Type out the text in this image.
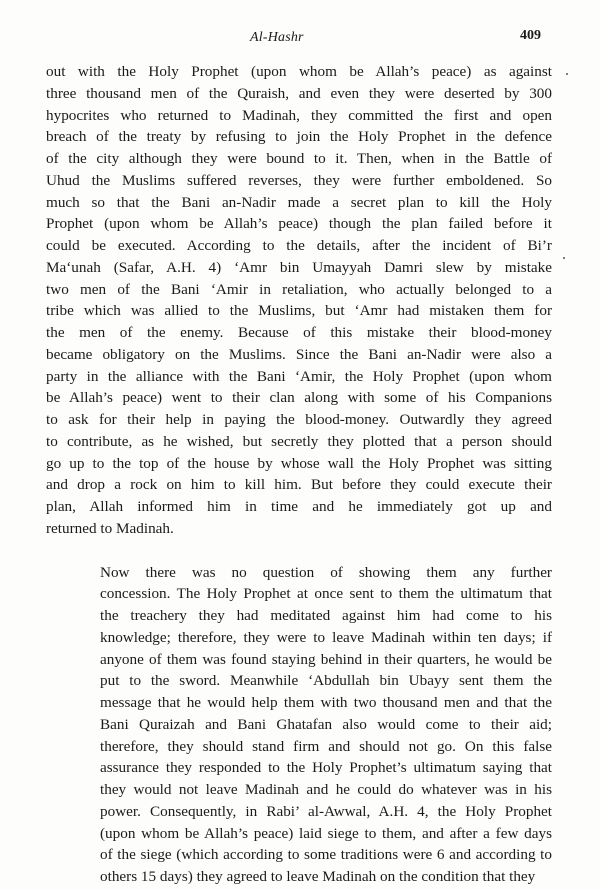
Al-Hashr	409

out with the Holy Prophet (upon whom be Allah’s peace) as against
three thousand men of the Quraish, and even they were deserted by 300
hypocrites who returned to Madinah, they committed the first and open
breach of the treaty by refusing to join the Holy Prophet in the defence
of the city although they were bound to it. Then, when in the Battle of
Uhud the Muslims suffered reverses, they were further emboldened. So
much so that the Bani an-Nadir made a secret plan to kill the Holy
Prophet (upon whom be Allah’s peace) though the plan failed before it
could be executed. According to the details, after the incident of Bi’r
Ma‘unah (Safar, A.H. 4) ‘Amr bin Umayyah Damri slew by mistake
two men of the Bani ‘Amir in retaliation, who actually belonged to a
tribe which was allied to the Muslims, but ‘Amr had mistaken them for
the men of the enemy. Because of this mistake their blood-money
became obligatory on the Muslims. Since the Bani an-Nadir were also a
party in the alliance with the Bani ‘Amir, the Holy Prophet (upon whom
be Allah’s peace) went to their clan along with some of his Companions
to ask for their help in paying the blood-money. Outwardly they agreed
to contribute, as he wished, but secretly they plotted that a person should
go up to the top of the house by whose wall the Holy Prophet was sitting
and drop a rock on him to kill him. But before they could execute their
plan, Allah informed him in time and he immediately got up and
returned to Madinah.

Now there was no question of showing them any further
concession. The Holy Prophet at once sent to them the ultimatum that
the treachery they had meditated against him had come to his
knowledge; therefore, they were to leave Madinah within ten days; if
anyone of them was found staying behind in their quarters, he would be
put to the sword. Meanwhile ‘Abdullah bin Ubayy sent them the
message that he would help them with two thousand men and that the
Bani Quraizah and Bani Ghatafan also would come to their aid;
therefore, they should stand firm and should not go. On this false
assurance they responded to the Holy Prophet’s ultimatum saying that
they would not leave Madinah and he could do whatever was in his
power. Consequently, in Rabi’ al-Awwal, A.H. 4, the Holy Prophet
(upon whom be Allah’s peace) laid siege to them, and after a few days
of the siege (which according to some traditions were 6 and according to
others 15 days) they agreed to leave Madinah on the condition that they
